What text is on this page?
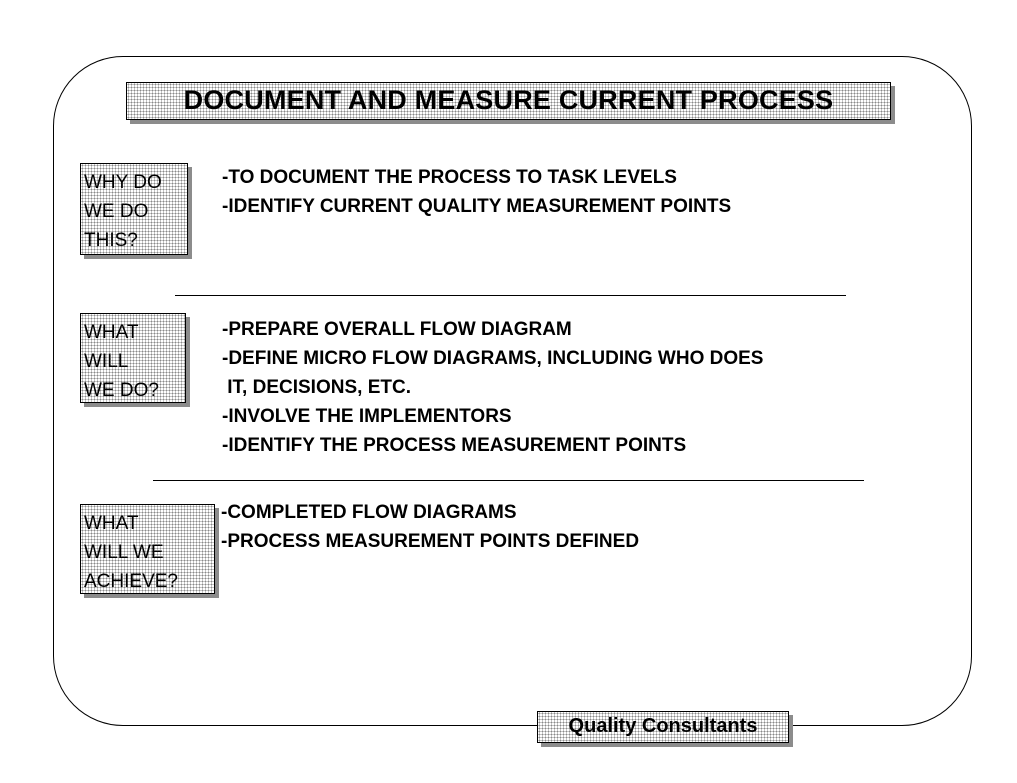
DOCUMENT AND MEASURE CURRENT PROCESS
WHY DO
WE DO
THIS?
-TO DOCUMENT THE PROCESS TO TASK LEVELS
-IDENTIFY CURRENT QUALITY MEASUREMENT POINTS
WHAT
WILL
WE DO?
-PREPARE OVERALL FLOW DIAGRAM
-DEFINE MICRO FLOW DIAGRAMS, INCLUDING WHO DOES
IT, DECISIONS, ETC.
-INVOLVE THE IMPLEMENTORS
-IDENTIFY THE PROCESS MEASUREMENT POINTS
WHAT
WILL WE
ACHIEVE?
-COMPLETED FLOW DIAGRAMS
-PROCESS MEASUREMENT POINTS DEFINED
Quality Consultants
